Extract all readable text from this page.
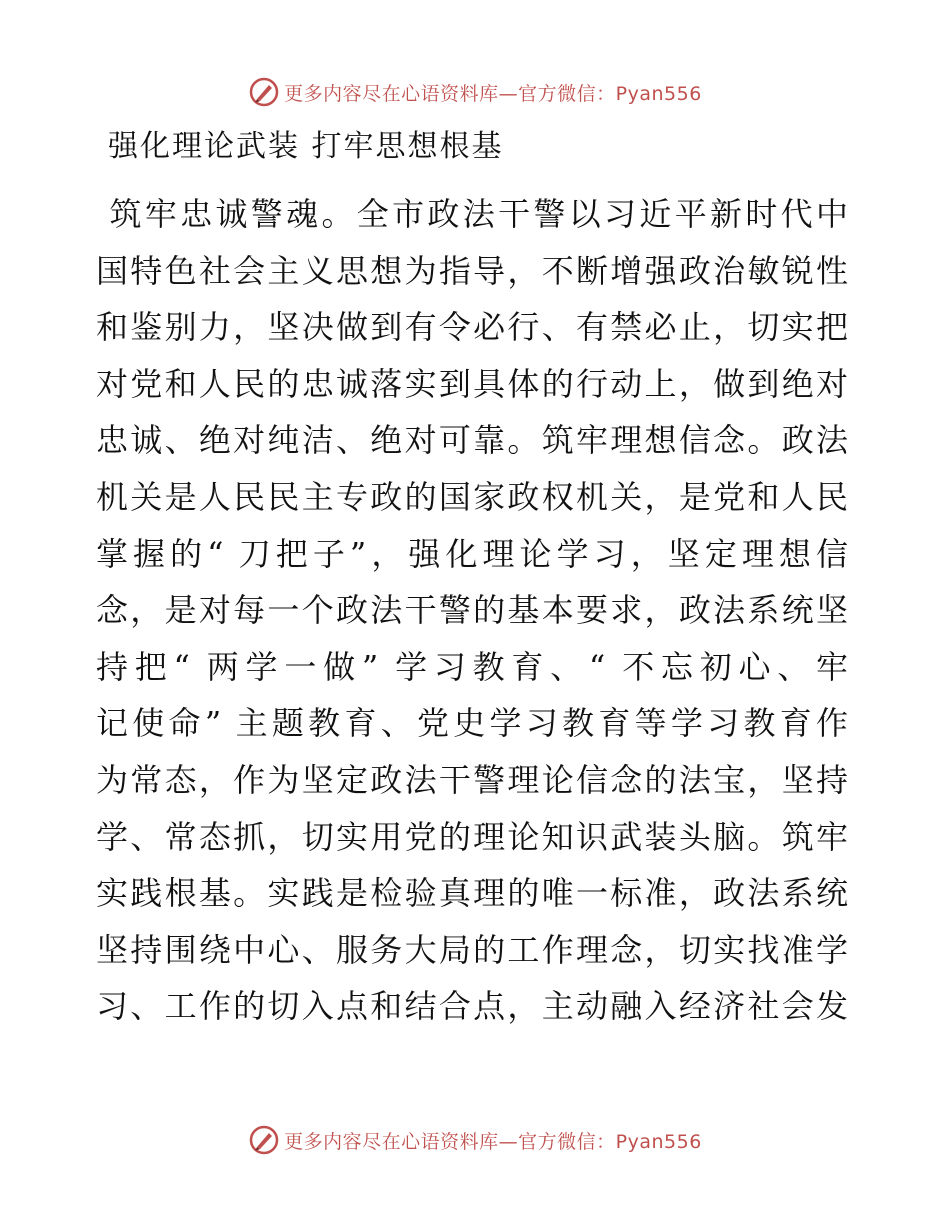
更多内容尽在心语资料库—官方微信：Pyan556
强化理论武装 打牢思想根基
筑牢忠诚警魂。全市政法干警以习近平新时代中
国特色社会主义思想为指导，不断增强政治敏锐性
和鉴别力，坚决做到有令必行、有禁必止，切实把
对党和人民的忠诚落实到具体的行动上，做到绝对
忠诚、绝对纯洁、绝对可靠。筑牢理想信念。政法
机关是人民民主专政的国家政权机关，是党和人民
掌握的“ 刀把子”，强化理论学习，坚定理想信
念，是对每一个政法干警的基本要求，政法系统坚
持把“ 两学一做” 学习教育、“ 不忘初心、牢
记使命” 主题教育、党史学习教育等学习教育作
为常态，作为坚定政法干警理论信念的法宝，坚持
学、常态抓，切实用党的理论知识武装头脑。筑牢
实践根基。实践是检验真理的唯一标准，政法系统
坚持围绕中心、服务大局的工作理念，切实找准学
习、工作的切入点和结合点，主动融入经济社会发
更多内容尽在心语资料库—官方微信：Pyan556
